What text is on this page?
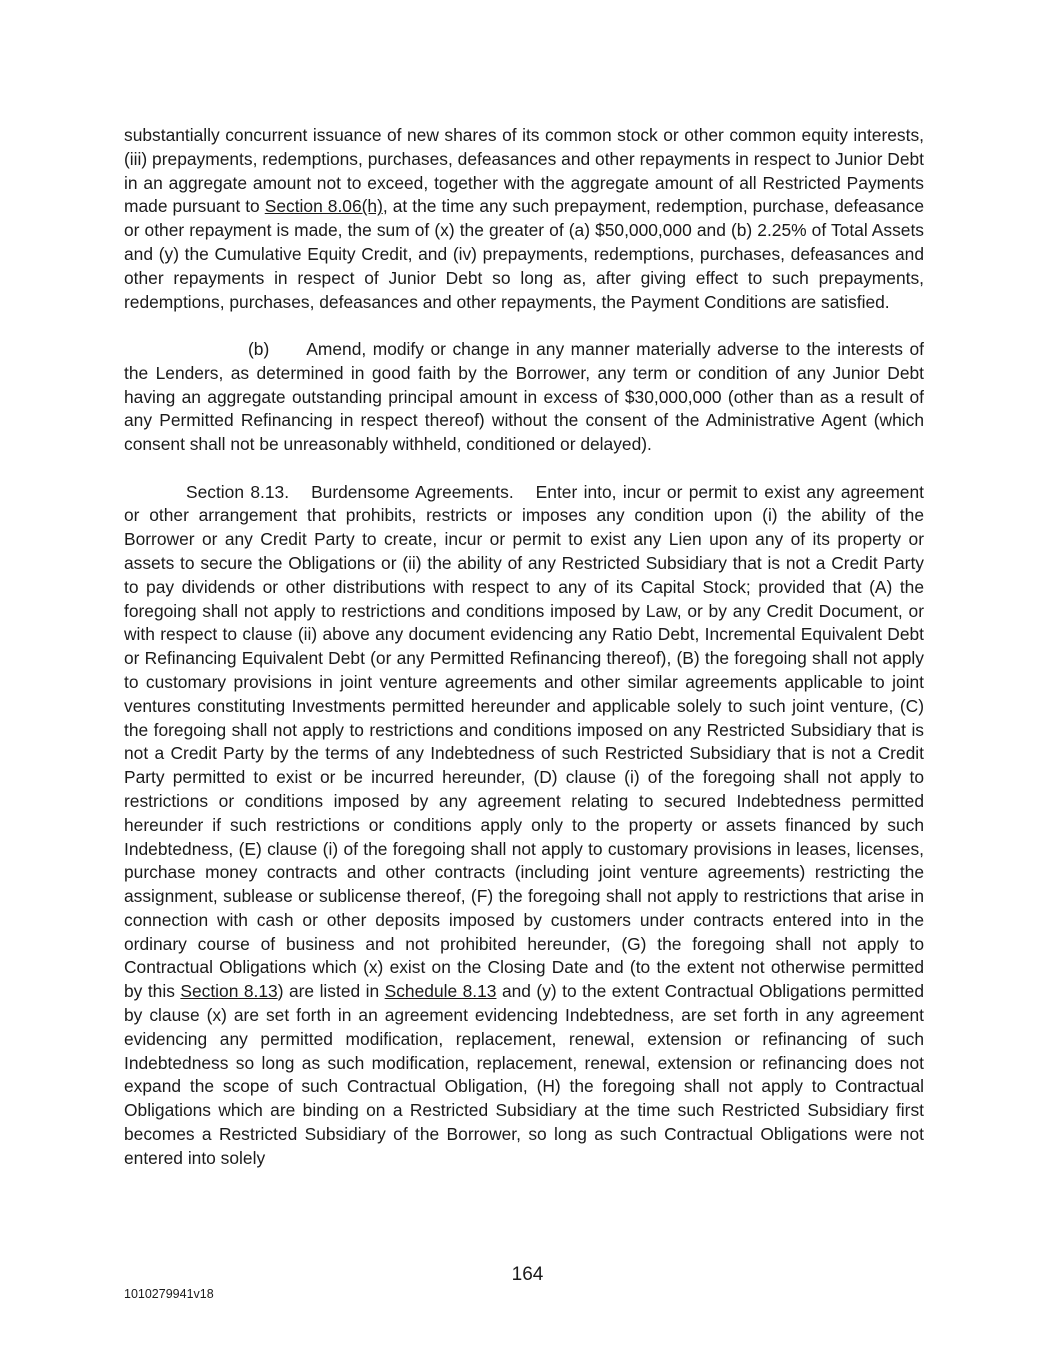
substantially concurrent issuance of new shares of its common stock or other common equity interests, (iii) prepayments, redemptions, purchases, defeasances and other repayments in respect to Junior Debt in an aggregate amount not to exceed, together with the aggregate amount of all Restricted Payments made pursuant to Section 8.06(h), at the time any such prepayment, redemption, purchase, defeasance or other repayment is made, the sum of (x) the greater of (a) $50,000,000 and (b) 2.25% of Total Assets and (y) the Cumulative Equity Credit, and (iv) prepayments, redemptions, purchases, defeasances and other repayments in respect of Junior Debt so long as, after giving effect to such prepayments, redemptions, purchases, defeasances and other repayments, the Payment Conditions are satisfied.

(b) Amend, modify or change in any manner materially adverse to the interests of the Lenders, as determined in good faith by the Borrower, any term or condition of any Junior Debt having an aggregate outstanding principal amount in excess of $30,000,000 (other than as a result of any Permitted Refinancing in respect thereof) without the consent of the Administrative Agent (which consent shall not be unreasonably withheld, conditioned or delayed).

Section 8.13. Burdensome Agreements. Enter into, incur or permit to exist any agreement or other arrangement that prohibits, restricts or imposes any condition upon (i) the ability of the Borrower or any Credit Party to create, incur or permit to exist any Lien upon any of its property or assets to secure the Obligations or (ii) the ability of any Restricted Subsidiary that is not a Credit Party to pay dividends or other distributions with respect to any of its Capital Stock; provided that (A) the foregoing shall not apply to restrictions and conditions imposed by Law, or by any Credit Document, or with respect to clause (ii) above any document evidencing any Ratio Debt, Incremental Equivalent Debt or Refinancing Equivalent Debt (or any Permitted Refinancing thereof), (B) the foregoing shall not apply to customary provisions in joint venture agreements and other similar agreements applicable to joint ventures constituting Investments permitted hereunder and applicable solely to such joint venture, (C) the foregoing shall not apply to restrictions and conditions imposed on any Restricted Subsidiary that is not a Credit Party by the terms of any Indebtedness of such Restricted Subsidiary that is not a Credit Party permitted to exist or be incurred hereunder, (D) clause (i) of the foregoing shall not apply to restrictions or conditions imposed by any agreement relating to secured Indebtedness permitted hereunder if such restrictions or conditions apply only to the property or assets financed by such Indebtedness, (E) clause (i) of the foregoing shall not apply to customary provisions in leases, licenses, purchase money contracts and other contracts (including joint venture agreements) restricting the assignment, sublease or sublicense thereof, (F) the foregoing shall not apply to restrictions that arise in connection with cash or other deposits imposed by customers under contracts entered into in the ordinary course of business and not prohibited hereunder, (G) the foregoing shall not apply to Contractual Obligations which (x) exist on the Closing Date and (to the extent not otherwise permitted by this Section 8.13) are listed in Schedule 8.13 and (y) to the extent Contractual Obligations permitted by clause (x) are set forth in an agreement evidencing Indebtedness, are set forth in any agreement evidencing any permitted modification, replacement, renewal, extension or refinancing of such Indebtedness so long as such modification, replacement, renewal, extension or refinancing does not expand the scope of such Contractual Obligation, (H) the foregoing shall not apply to Contractual Obligations which are binding on a Restricted Subsidiary at the time such Restricted Subsidiary first becomes a Restricted Subsidiary of the Borrower, so long as such Contractual Obligations were not entered into solely

164
1010279941v18
